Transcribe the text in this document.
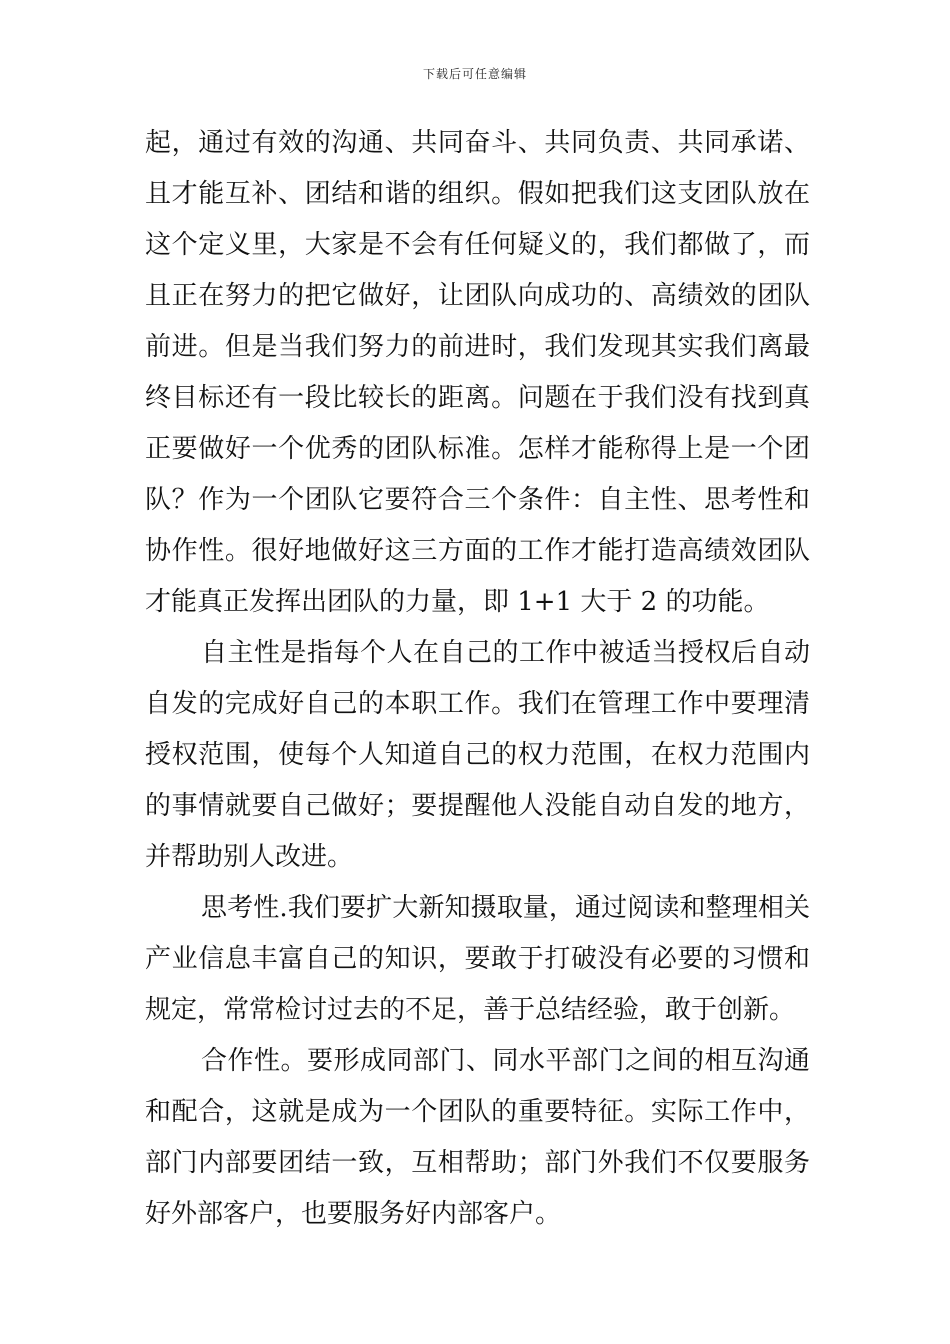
下载后可任意编辑
起，通过有效的沟通、共同奋斗、共同负责、共同承诺、
且才能互补、团结和谐的组织。假如把我们这支团队放在
这个定义里，大家是不会有任何疑义的，我们都做了，而
且正在努力的把它做好，让团队向成功的、高绩效的团队
前进。但是当我们努力的前进时，我们发现其实我们离最
终目标还有一段比较长的距离。问题在于我们没有找到真
正要做好一个优秀的团队标准。怎样才能称得上是一个团
队？作为一个团队它要符合三个条件：自主性、思考性和
协作性。很好地做好这三方面的工作才能打造高绩效团队
才能真正发挥出团队的力量，即 1+1 大于 2 的功能。
自主性是指每个人在自己的工作中被适当授权后自动
自发的完成好自己的本职工作。我们在管理工作中要理清
授权范围，使每个人知道自己的权力范围，在权力范围内
的事情就要自己做好；要提醒他人没能自动自发的地方，
并帮助别人改进。
思考性.我们要扩大新知摄取量，通过阅读和整理相关
产业信息丰富自己的知识，要敢于打破没有必要的习惯和
规定，常常检讨过去的不足，善于总结经验，敢于创新。
合作性。要形成同部门、同水平部门之间的相互沟通
和配合，这就是成为一个团队的重要特征。实际工作中，
部门内部要团结一致，互相帮助；部门外我们不仅要服务
好外部客户，也要服务好内部客户。
